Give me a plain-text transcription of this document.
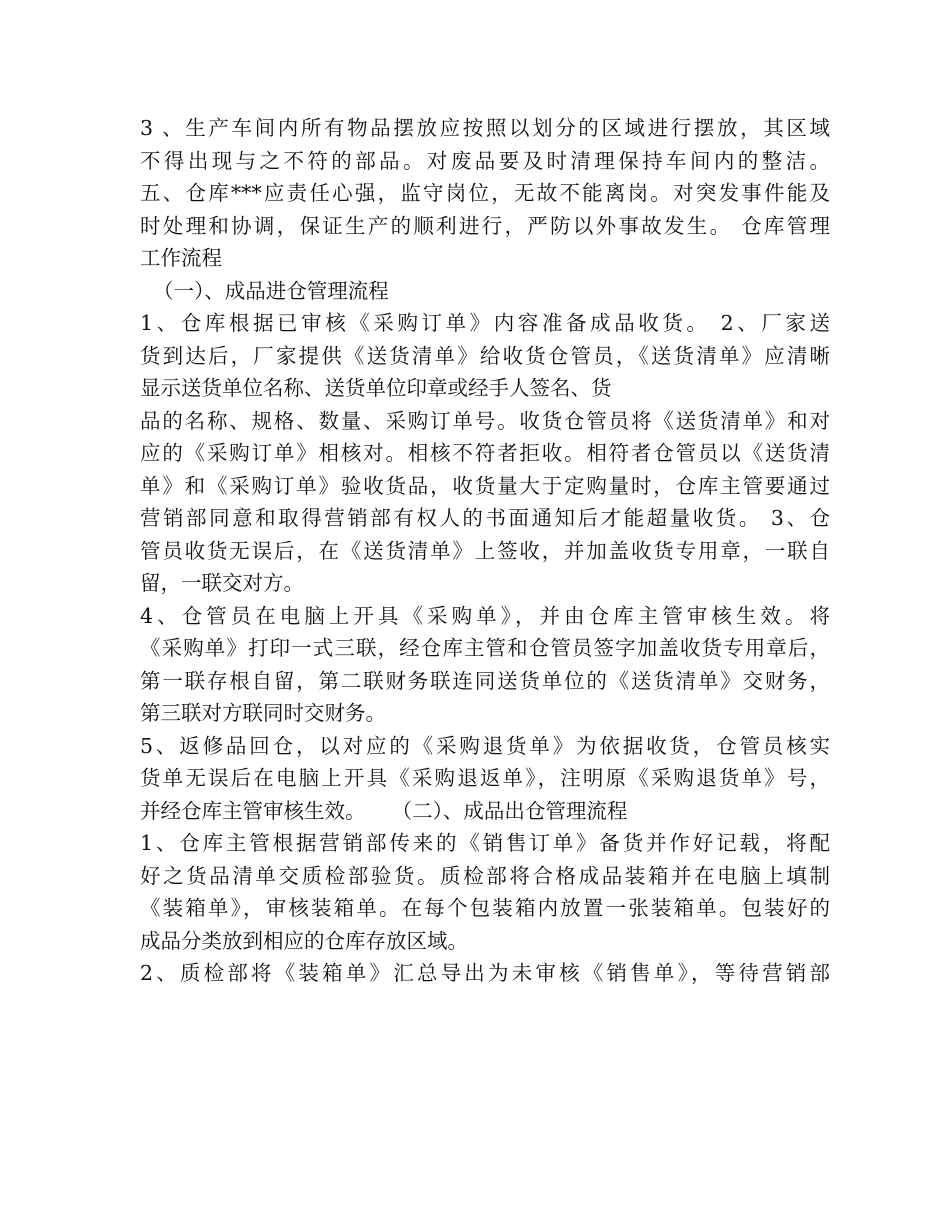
3 、生产车间内所有物品摆放应按照以划分的区域进行摆放，其区域
不得出现与之不符的部品。对废品要及时清理保持车间内的整洁。
五、仓库***应责任心强，监守岗位，无故不能离岗。对突发事件能及
时处理和协调，保证生产的顺利进行，严防以外事故发生。 仓库管理
工作流程
（一）、成品进仓管理流程
1、仓库根据已审核《采购订单》内容准备成品收货。 2、厂家送
货到达后，厂家提供《送货清单》给收货仓管员，《送货清单》应清晰
显示送货单位名称、送货单位印章或经手人签名、货
品的名称、规格、数量、采购订单号。收货仓管员将《送货清单》和对
应的《采购订单》相核对。相核不符者拒收。相符者仓管员以《送货清
单》和《采购订单》验收货品，收货量大于定购量时，仓库主管要通过
营销部同意和取得营销部有权人的书面通知后才能超量收货。 3、仓
管员收货无误后，在《送货清单》上签收，并加盖收货专用章，一联自
留，一联交对方。
4、仓管员在电脑上开具《采购单》，并由仓库主管审核生效。将
《采购单》打印一式三联，经仓库主管和仓管员签字加盖收货专用章后，
第一联存根自留，第二联财务联连同送货单位的《送货清单》交财务，
第三联对方联同时交财务。
5、返修品回仓，以对应的《采购退货单》为依据收货，仓管员核实
货单无误后在电脑上开具《采购退返单》，注明原《采购退货单》号，
并经仓库主管审核生效。    （二）、成品出仓管理流程
1、仓库主管根据营销部传来的《销售订单》备货并作好记载，将配
好之货品清单交质检部验货。质检部将合格成品装箱并在电脑上填制
《装箱单》，审核装箱单。在每个包装箱内放置一张装箱单。包装好的
成品分类放到相应的仓库存放区域。
2、质检部将《装箱单》汇总导出为未审核《销售单》，等待营销部
